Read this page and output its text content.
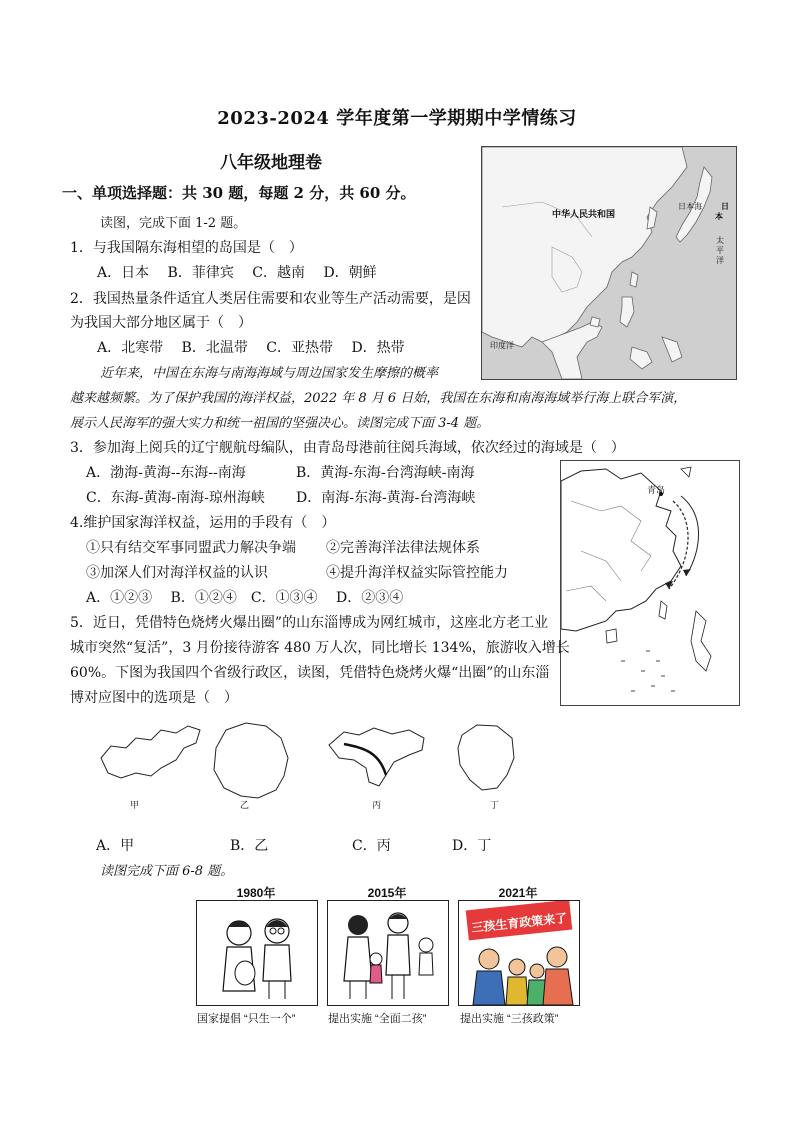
2023-2024 学年度第一学期期中学情练习
八年级地理卷
一、单项选择题：共 30 题，每题 2 分，共 60 分。
读图，完成下面 1-2 题。
1．与我国隔东海相望的岛国是（　）
A．日本　 B．菲律宾　 C．越南　 D．朝鲜
2．我国热量条件适宜人类居住需要和农业等生产活动需要，是因
为我国大部分地区属于（　）
A．北寒带　 B．北温带　 C．亚热带　 D．热带
中华人民共和国
日本海 日
本
太
平
洋
印度洋
近年来，中国在东海与南海海域与周边国家发生摩擦的概率
越来越频繁。为了保护我国的海洋权益，2022 年 8 月 6 日始，我国在东海和南海海域举行海上联合军演，
展示人民海军的强大实力和统一祖国的坚强决心。读图完成下面 3-4 题。
3．参加海上阅兵的辽宁舰航母编队，由青岛母港前往阅兵海域，依次经过的海域是（　）
A．渤海-黄海--东海--南海	B．黄海-东海-台湾海峡-南海
C．东海-黄海-南海-琼州海峡 D．南海-东海-黄海-台湾海峡
4.维护国家海洋权益，运用的手段有（　）
①只有结交军事同盟武力解决争端 ②完善海洋法律法规体系
③加深人们对海洋权益的认识	④提升海洋权益实际管控能力
A．①②③　 B．①②④　C．①③④　 D．②③④
青岛
5．近日，凭借特色烧烤火爆出圈”的山东淄博成为网红城市，这座北方老工业
城市突然“复活”，3 月份接待游客 480 万人次，同比增长 134%，旅游收入增长
60%。下图为我国四个省级行政区，读图，凭借特色烧烤火爆“出圈”的山东淄
博对应图中的选项是（　）
甲	乙	丙	丁
A．甲	B．乙	C．丙	D．丁
读图完成下面 6-8 题。
1980年	2015年	2021年
三孩生育政策来了
国家提倡 “只生一个”	提出实施 “全面二孩”	提出实施 “三孩政策”
